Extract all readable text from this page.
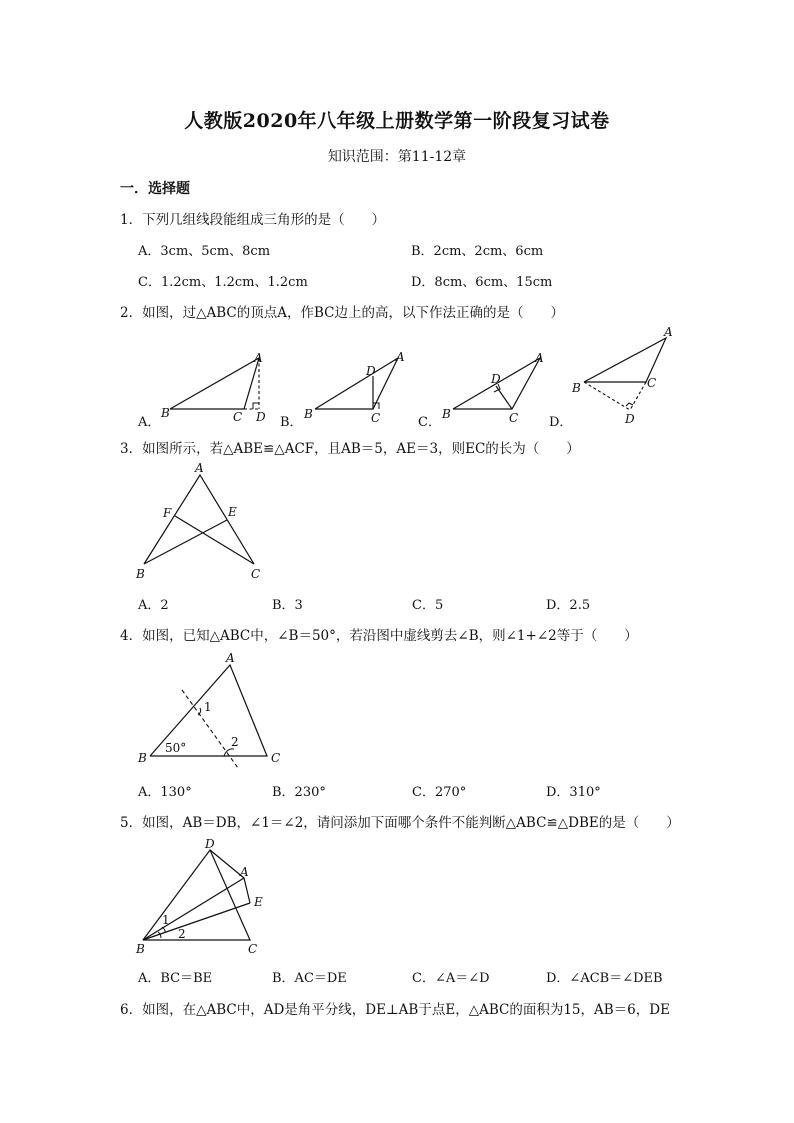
人教版2020年八年级上册数学第一阶段复习试卷
知识范围：第11-12章
一．选择题
1．下列几组线段能组成三角形的是（　　）
A．3cm、5cm、8cm	B．2cm、2cm、6cm
C．1.2cm、1.2cm、1.2cm	D．8cm、6cm、15cm
2．如图，过△ABC的顶点A，作BC边上的高，以下作法正确的是（　　）
A．
A
B	C D B．
A
B	C
D
C．
A
B	C
D
D．
A
B	C
D
3．如图所示，若△ABE≌△ACF，且AB＝5，AE＝3，则EC的长为（　　）
A
F	E
B	C
A．2	B．3	C．5	D．2.5
4．如图，已知△ABC中，∠B＝50°，若沿图中虚线剪去∠B，则∠1+∠2等于（　　）
A
B	C
1
2
50°
A．130°	B．230°	C．270°	D．310°
5．如图，AB＝DB，∠1＝∠2，请问添加下面哪个条件不能判断△ABC≌△DBE的是（　　）
D
A
E
B	C
1
2
A．BC＝BE	B．AC＝DE	C．∠A＝∠D	D．∠ACB＝∠DEB
6．如图，在△ABC中，AD是角平分线，DE⊥AB于点E，△ABC的面积为15，AB＝6，DE
